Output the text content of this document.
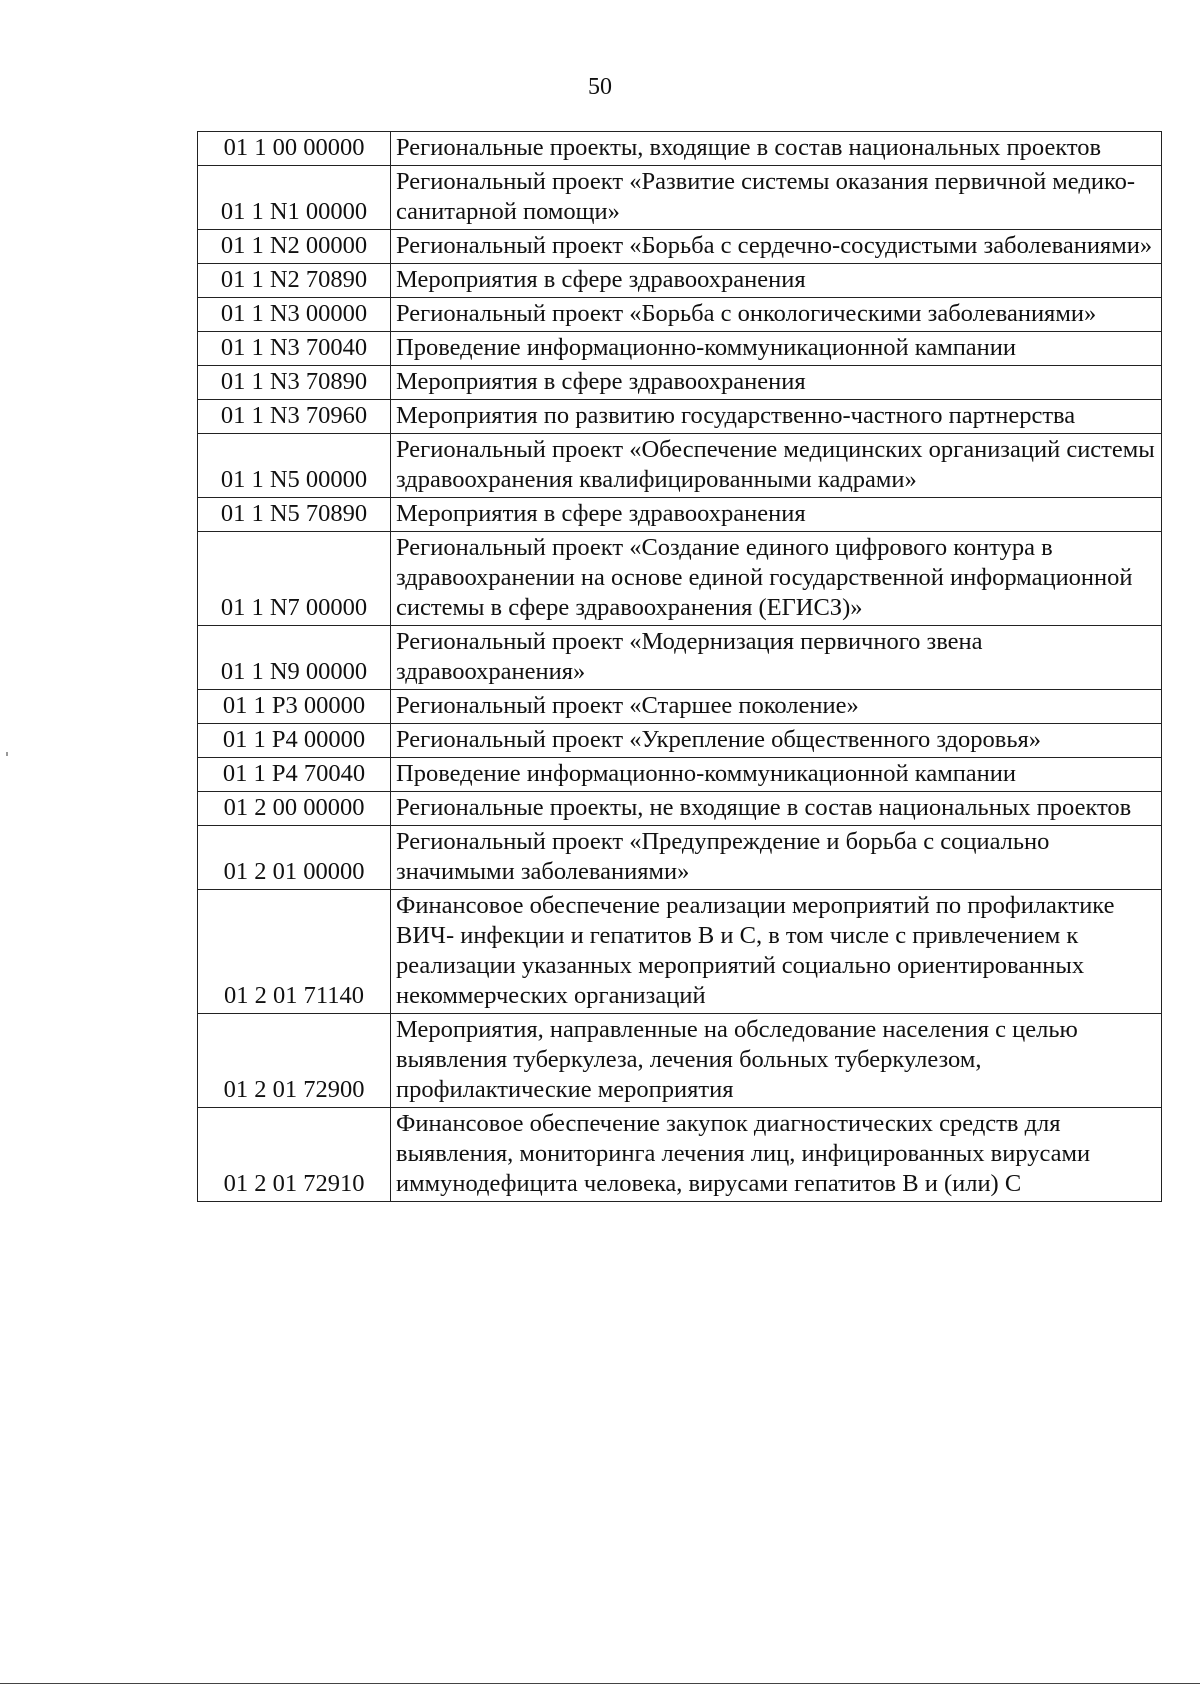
50
01 1 00 00000	Региональные проекты, входящие в состав национальных проектов
01 1 N1 00000	Региональный проект «Развитие системы оказания первичной медико-санитарной помощи»
01 1 N2 00000	Региональный проект «Борьба с сердечно-сосудистыми заболеваниями»
01 1 N2 70890	Мероприятия в сфере здравоохранения
01 1 N3 00000	Региональный проект «Борьба с онкологическими заболеваниями»
01 1 N3 70040	Проведение информационно-коммуникационной кампании
01 1 N3 70890	Мероприятия в сфере здравоохранения
01 1 N3 70960	Мероприятия по развитию государственно-частного партнерства
01 1 N5 00000	Региональный проект «Обеспечение медицинских организаций системы здравоохранения квалифицированными кадрами»
01 1 N5 70890	Мероприятия в сфере здравоохранения
01 1 N7 00000	Региональный проект «Создание единого цифрового контура в здравоохранении на основе единой государственной информационной системы в сфере здравоохранения (ЕГИСЗ)»
01 1 N9 00000	Региональный проект «Модернизация первичного звена здравоохранения»
01 1 P3 00000	Региональный проект «Старшее поколение»
01 1 P4 00000	Региональный проект «Укрепление общественного здоровья»
01 1 P4 70040	Проведение информационно-коммуникационной кампании
01 2 00 00000	Региональные проекты, не входящие в состав национальных проектов
01 2 01 00000	Региональный проект «Предупреждение и борьба с социально значимыми заболеваниями»
01 2 01 71140	Финансовое обеспечение реализации мероприятий по профилактике ВИЧ- инфекции и гепатитов В и С, в том числе с привлечением к реализации указанных мероприятий социально ориентированных некоммерческих организаций
01 2 01 72900	Мероприятия, направленные на обследование населения с целью выявления туберкулеза, лечения больных туберкулезом, профилактические мероприятия
01 2 01 72910	Финансовое обеспечение закупок диагностических средств для выявления, мониторинга лечения лиц, инфицированных вирусами иммунодефицита человека, вирусами гепатитов В и (или) С
